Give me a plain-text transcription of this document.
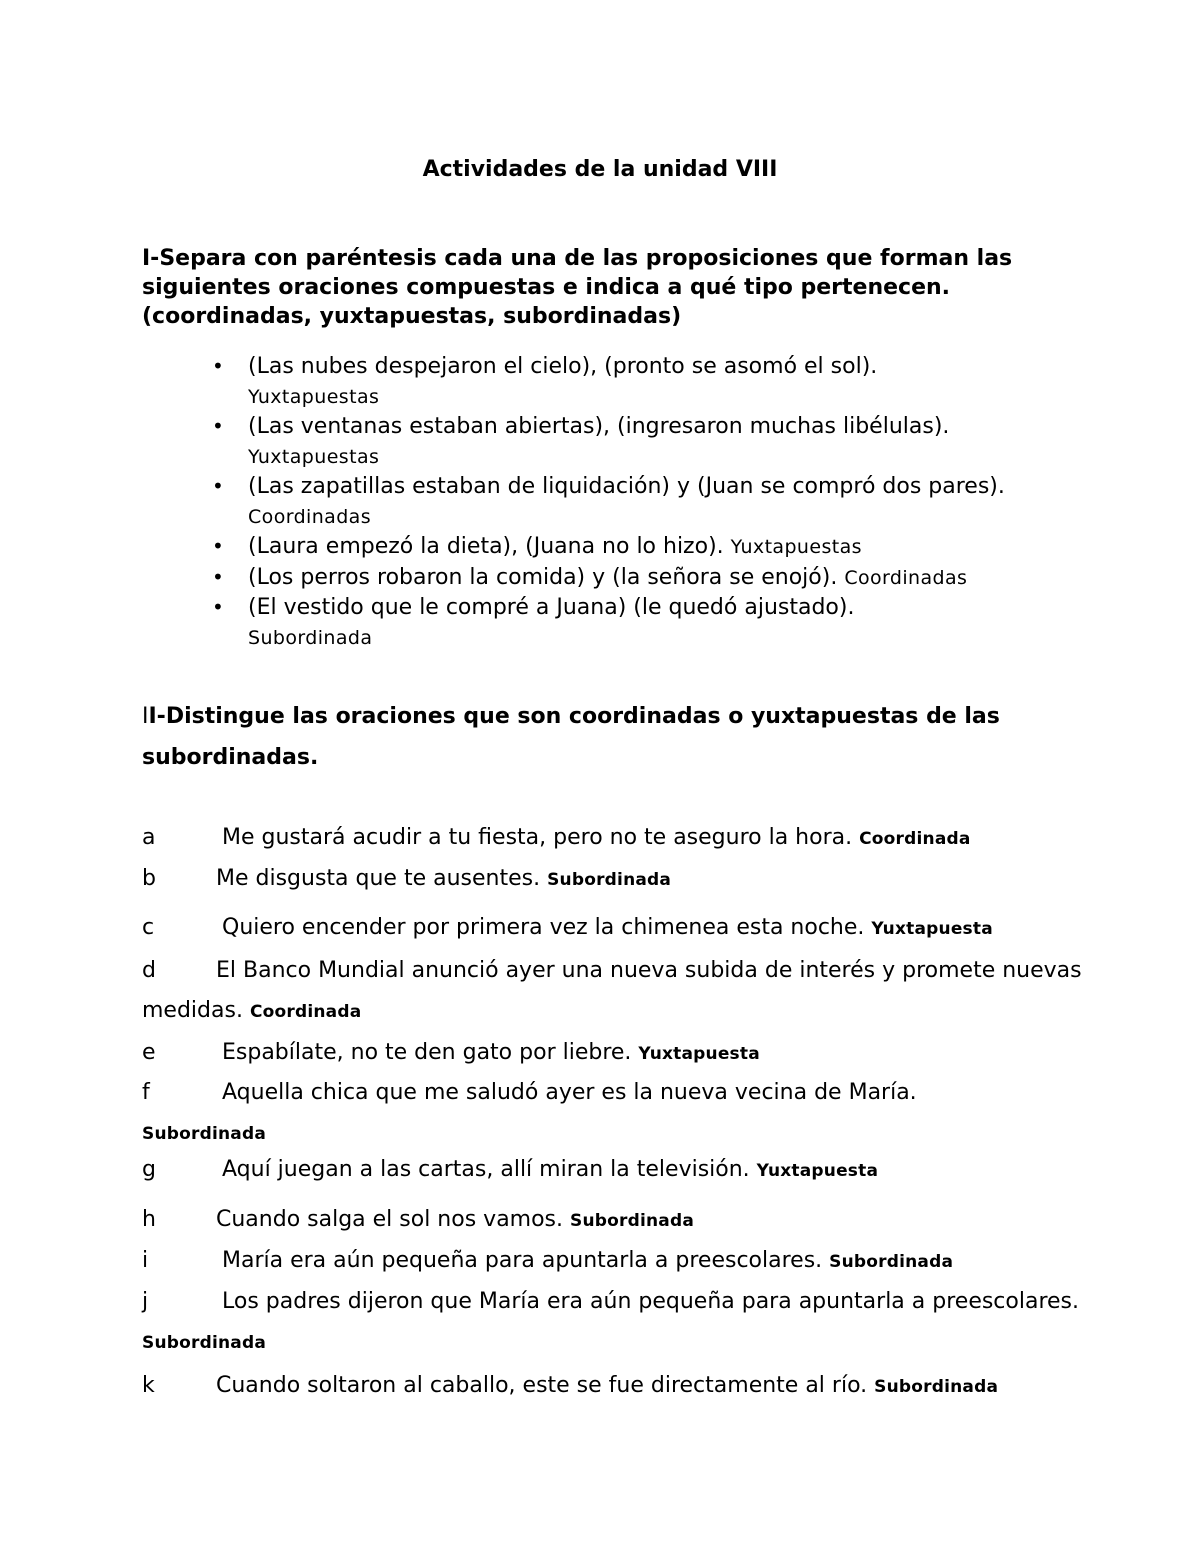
Actividades de la unidad VIII
I-Separa con paréntesis cada una de las proposiciones que forman las siguientes oraciones compuestas e indica a qué tipo pertenecen. (coordinadas, yuxtapuestas, subordinadas)
• (Las nubes despejaron el cielo), (pronto se asomó el sol).
Yuxtapuestas
• (Las ventanas estaban abiertas), (ingresaron muchas libélulas).
Yuxtapuestas
• (Las zapatillas estaban de liquidación) y (Juan se compró dos pares). Coordinadas
• (Laura empezó la dieta), (Juana no lo hizo). Yuxtapuestas
• (Los perros robaron la comida) y (la señora se enojó). Coordinadas
• (El vestido que le compré a Juana) (le quedó ajustado).
Subordinada
II-Distingue las oraciones que son coordinadas o yuxtapuestas de las subordinadas.
a	Me gustará acudir a tu fiesta, pero no te aseguro la hora. Coordinada
b	Me disgusta que te ausentes. Subordinada
c	Quiero encender por primera vez la chimenea esta noche. Yuxtapuesta
d	El Banco Mundial anunció ayer una nueva subida de interés y promete nuevas medidas. Coordinada
e	Espabílate, no te den gato por liebre. Yuxtapuesta
f	Aquella chica que me saludó ayer es la nueva vecina de María.
Subordinada
g	Aquí juegan a las cartas, allí miran la televisión. Yuxtapuesta
h	Cuando salga el sol nos vamos. Subordinada
i	María era aún pequeña para apuntarla a preescolares. Subordinada
j	Los padres dijeron que María era aún pequeña para apuntarla a preescolares. Subordinada
k	Cuando soltaron al caballo, este se fue directamente al río. Subordinada
